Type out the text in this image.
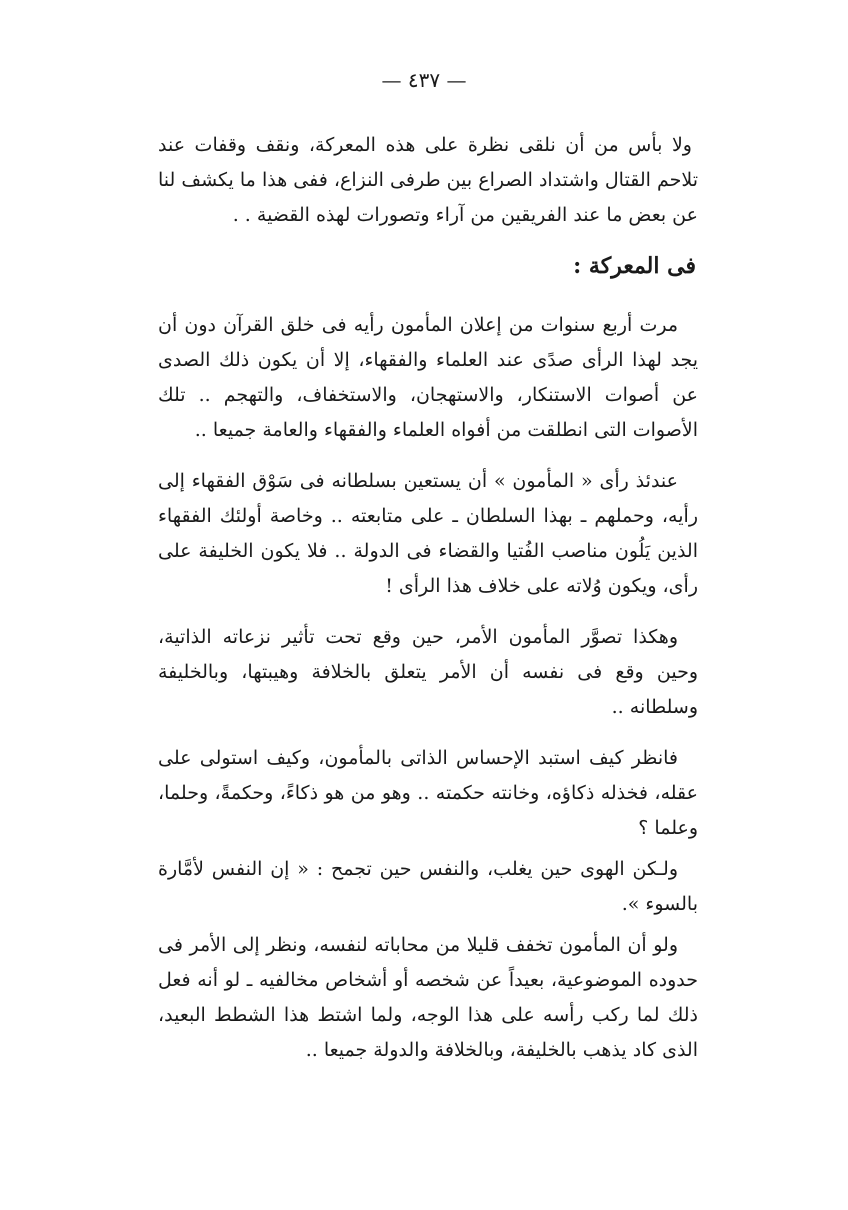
— ٤٣٧ —

ولا بأس من أن نلقى نظرة على هذه المعركة، ونقف وقفات عند تلاحم القتال واشتداد الصراع بين طرفى النزاع، ففى هذا ما يكشف لنا عن بعض ما عند الفريقين من آراء وتصورات لهذه القضية . .

فى المعركة :

مرت أربع سنوات من إعلان المأمون رأيه فى خلق القرآن دون أن يجد لهذا الرأى صدًى عند العلماء والفقهاء، إلا أن يكون ذلك الصدى عن أصوات الاستنكار، والاستهجان، والاستخفاف، والتهجم .. تلك الأصوات التى انطلقت من أفواه العلماء والفقهاء والعامة جميعا ..

عندئذ رأى « المأمون » أن يستعين بسلطانه فى سَوْق الفقهاء إلى رأيه، وحملهم ـ بهذا السلطان ـ على متابعته .. وخاصة أولئك الفقهاء الذين يَلُون مناصب الفُتيا والقضاء فى الدولة .. فلا يكون الخليفة على رأى، ويكون وُلاته على خلاف هذا الرأى !

وهكذا تصوَّر المأمون الأمر، حين وقع تحت تأثير نزعاته الذاتية، وحين وقع فى نفسه أن الأمر يتعلق بالخلافة وهيبتها، وبالخليفة وسلطانه ..

فانظر كيف استبد الإحساس الذاتى بالمأمون، وكيف استولى على عقله، فخذله ذكاؤه، وخانته حكمته .. وهو من هو ذكاءً، وحكمةً، وحلما، وعلما ؟

ولـكن الهوى حين يغلب، والنفس حين تجمح : « إن النفس لأمَّارة بالسوء ».

ولو أن المأمون تخفف قليلا من محاباته لنفسه، ونظر إلى الأمر فى حدوده الموضوعية، بعيداً عن شخصه أو أشخاص مخالفيه ـ لو أنه فعل ذلك لما ركب رأسه على هذا الوجه، ولما اشتط هذا الشطط البعيد، الذى كاد يذهب بالخليفة، وبالخلافة والدولة جميعا ..
